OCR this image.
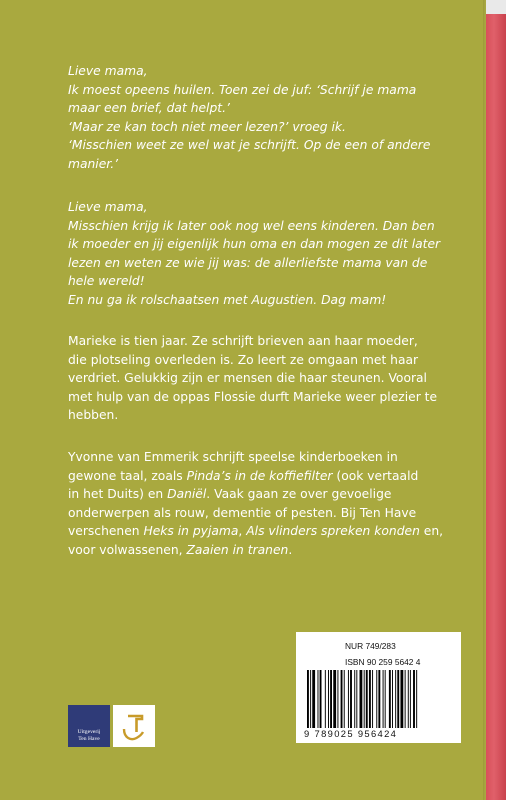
Lieve mama,

Ik moest opeens huilen. Toen zei de juf: ‘Schrijf je mama

maar een brief, dat helpt.’

‘Maar ze kan toch niet meer lezen?’ vroeg ik.

‘Misschien weet ze wel wat je schrijft. Op de een of andere

manier.’

Lieve mama,

Misschien krijg ik later ook nog wel eens kinderen. Dan ben

ik moeder en jij eigenlijk hun oma en dan mogen ze dit later

lezen en weten ze wie jij was: de allerliefste mama van de

hele wereld!

En nu ga ik rolschaatsen met Augustien. Dag mam!

Marieke is tien jaar. Ze schrijft brieven aan haar moeder,

die plotseling overleden is. Zo leert ze omgaan met haar

verdriet. Gelukkig zijn er mensen die haar steunen. Vooral

met hulp van de oppas Flossie durft Marieke weer plezier te

hebben.

Yvonne van Emmerik schrijft speelse kinderboeken in

gewone taal, zoals Pinda’s in de koffiefilter (ook vertaald

in het Duits) en Daniël. Vaak gaan ze over gevoelige

onderwerpen als rouw, dementie of pesten. Bij Ten Have

verschenen Heks in pyjama, Als vlinders spreken konden en,

voor volwassenen, Zaaien in tranen.

NUR 749/283
ISBN 90 259 5642 4
9 789025 956424
Uitgeverij
Ten Have
